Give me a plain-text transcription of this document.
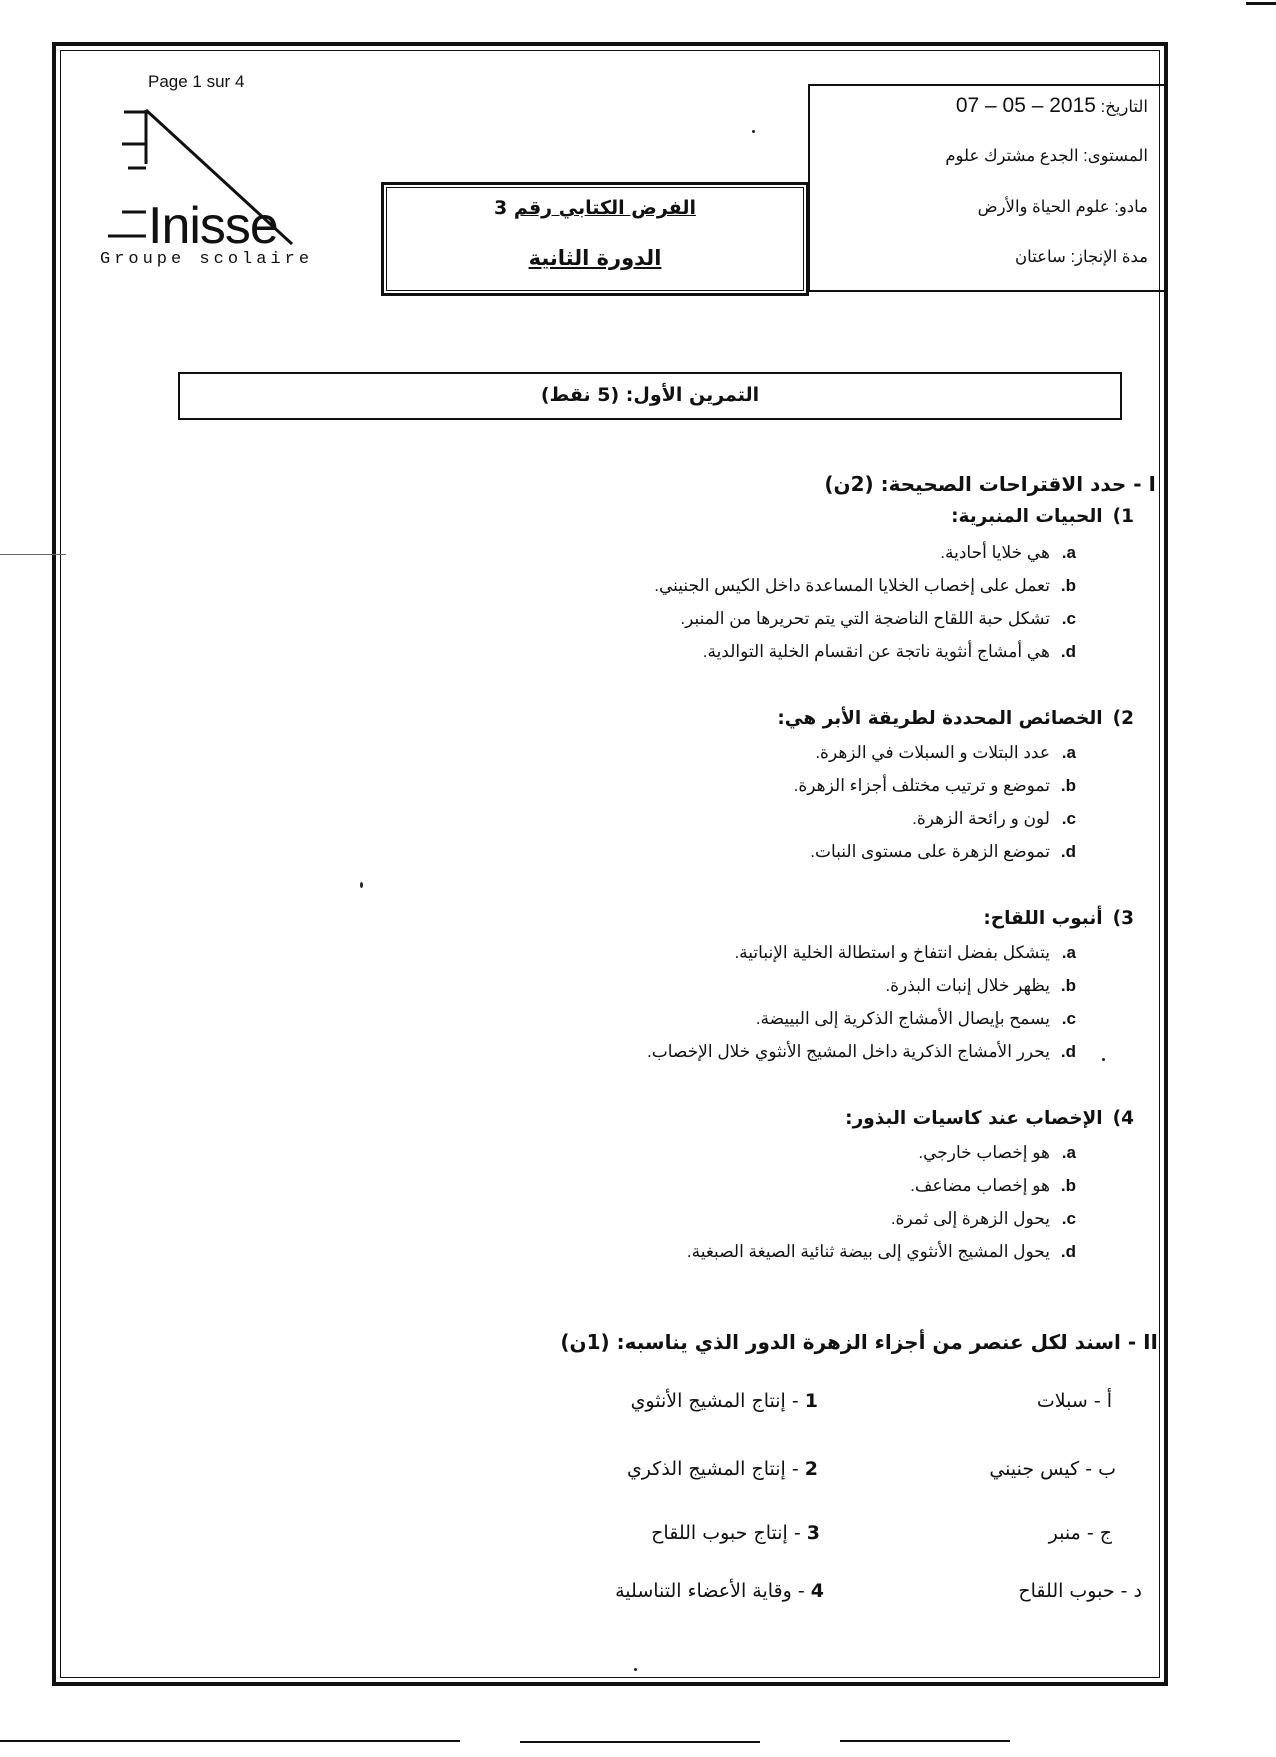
Page 1 sur 4
Inisse
Groupe scolaire
التاريخ: 07 – 05 – 2015
المستوى: الجدع مشترك علوم
مادو: علوم الحياة والأرض
مدة الإنجاز: ساعتان
الفرض الكتابي رقم 3
الدورة الثانية
التمرين الأول: (5 نقط)
I - حدد الاقتراحات الصحيحة: (2ن)
1)الحبيات المنبرية:
a.هي خلايا أحادية.
b.تعمل على إخصاب الخلايا المساعدة داخل الكيس الجنيني.
c.تشكل حبة اللقاح الناضجة التي يتم تحريرها من المنبر.
d.هي أمشاج أنثوية ناتجة عن انقسام الخلية التوالدية.
2)الخصائص المحددة لطريقة الأبر هي:
a.عدد البتلات و السبلات في الزهرة.
b.تموضع و ترتيب مختلف أجزاء الزهرة.
c.لون و رائحة الزهرة.
d.تموضع الزهرة على مستوى النبات.
3)أنبوب اللقاح:
a.يتشكل بفضل انتفاخ و استطالة الخلية الإنباتية.
b.يظهر خلال إنبات البذرة.
c.يسمح بإيصال الأمشاج الذكرية إلى البييضة.
d.يحرر الأمشاج الذكرية داخل المشيج الأنثوي خلال الإخصاب.
4)الإخصاب عند كاسيات البذور:
a.هو إخصاب خارجي.
b.هو إخصاب مضاعف.
c.يحول الزهرة إلى ثمرة.
d.يحول المشيج الأنثوي إلى بيضة ثنائية الصيغة الصبغية.
II - اسند لكل عنصر من أجزاء الزهرة الدور الذي يناسبه: (1ن)
أ - سبلات
ب - كيس جنيني
ج - منبر
د - حبوب اللقاح
1 - إنتاج المشيج الأنثوي
2 - إنتاج المشيج الذكري
3 - إنتاج حبوب اللقاح
4 - وقاية الأعضاء التناسلية
